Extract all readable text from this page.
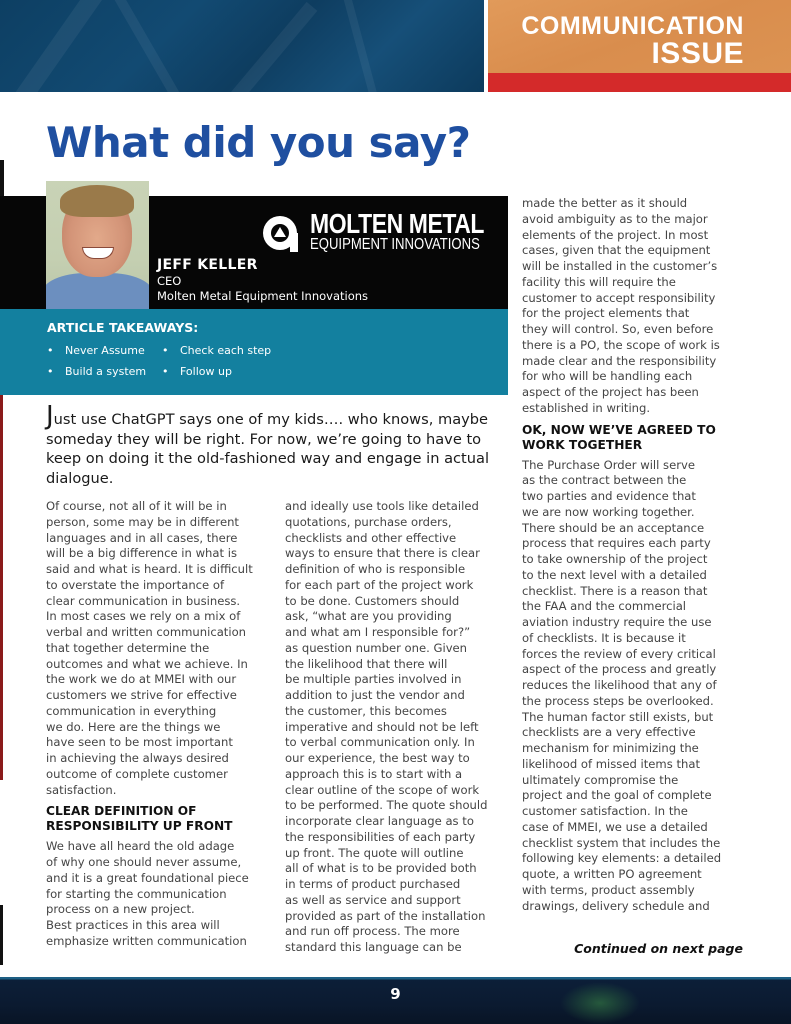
COMMUNICATION
ISSUE
What did you say?
MOLTEN METAL
EQUIPMENT INNOVATIONS
JEFF KELLER
CEO
Molten Metal Equipment Innovations
ARTICLE TAKEAWAYS:
• Never Assume • Check each step
• Build a system • Follow up

Just use ChatGPT says one of my kids…. who knows, maybe someday they will be right. For now, we’re going to have to keep on doing it the old-fashioned way and engage in actual dialogue.

Of course, not all of it will be in
person, some may be in different
languages and in all cases, there
will be a big difference in what is
said and what is heard. It is difficult
to overstate the importance of
clear communication in business.
In most cases we rely on a mix of
verbal and written communication
that together determine the
outcomes and what we achieve. In
the work we do at MMEI with our
customers we strive for effective
communication in everything
we do. Here are the things we
have seen to be most important
in achieving the always desired
outcome of complete customer
satisfaction.

CLEAR DEFINITION OF
RESPONSIBILITY UP FRONT

We have all heard the old adage
of why one should never assume,
and it is a great foundational piece
for starting the communication
process on a new project.
Best practices in this area will
emphasize written communication

and ideally use tools like detailed
quotations, purchase orders,
checklists and other effective
ways to ensure that there is clear
definition of who is responsible
for each part of the project work
to be done. Customers should
ask, “what are you providing
and what am I responsible for?”
as question number one. Given
the likelihood that there will
be multiple parties involved in
addition to just the vendor and
the customer, this becomes
imperative and should not be left
to verbal communication only. In
our experience, the best way to
approach this is to start with a
clear outline of the scope of work
to be performed. The quote should
incorporate clear language as to
the responsibilities of each party
up front. The quote will outline
all of what is to be provided both
in terms of product purchased
as well as service and support
provided as part of the installation
and run off process. The more
standard this language can be

made the better as it should
avoid ambiguity as to the major
elements of the project. In most
cases, given that the equipment
will be installed in the customer’s
facility this will require the
customer to accept responsibility
for the project elements that
they will control. So, even before
there is a PO, the scope of work is
made clear and the responsibility
for who will be handling each
aspect of the project has been
established in writing.

OK, NOW WE’VE AGREED TO
WORK TOGETHER

The Purchase Order will serve
as the contract between the
two parties and evidence that
we are now working together.
There should be an acceptance
process that requires each party
to take ownership of the project
to the next level with a detailed
checklist. There is a reason that
the FAA and the commercial
aviation industry require the use
of checklists. It is because it
forces the review of every critical
aspect of the process and greatly
reduces the likelihood that any of
the process steps be overlooked.
The human factor still exists, but
checklists are a very effective
mechanism for minimizing the
likelihood of missed items that
ultimately compromise the
project and the goal of complete
customer satisfaction. In the
case of MMEI, we use a detailed
checklist system that includes the
following key elements: a detailed
quote, a written PO agreement
with terms, product assembly
drawings, delivery schedule and

Continued on next page
9
